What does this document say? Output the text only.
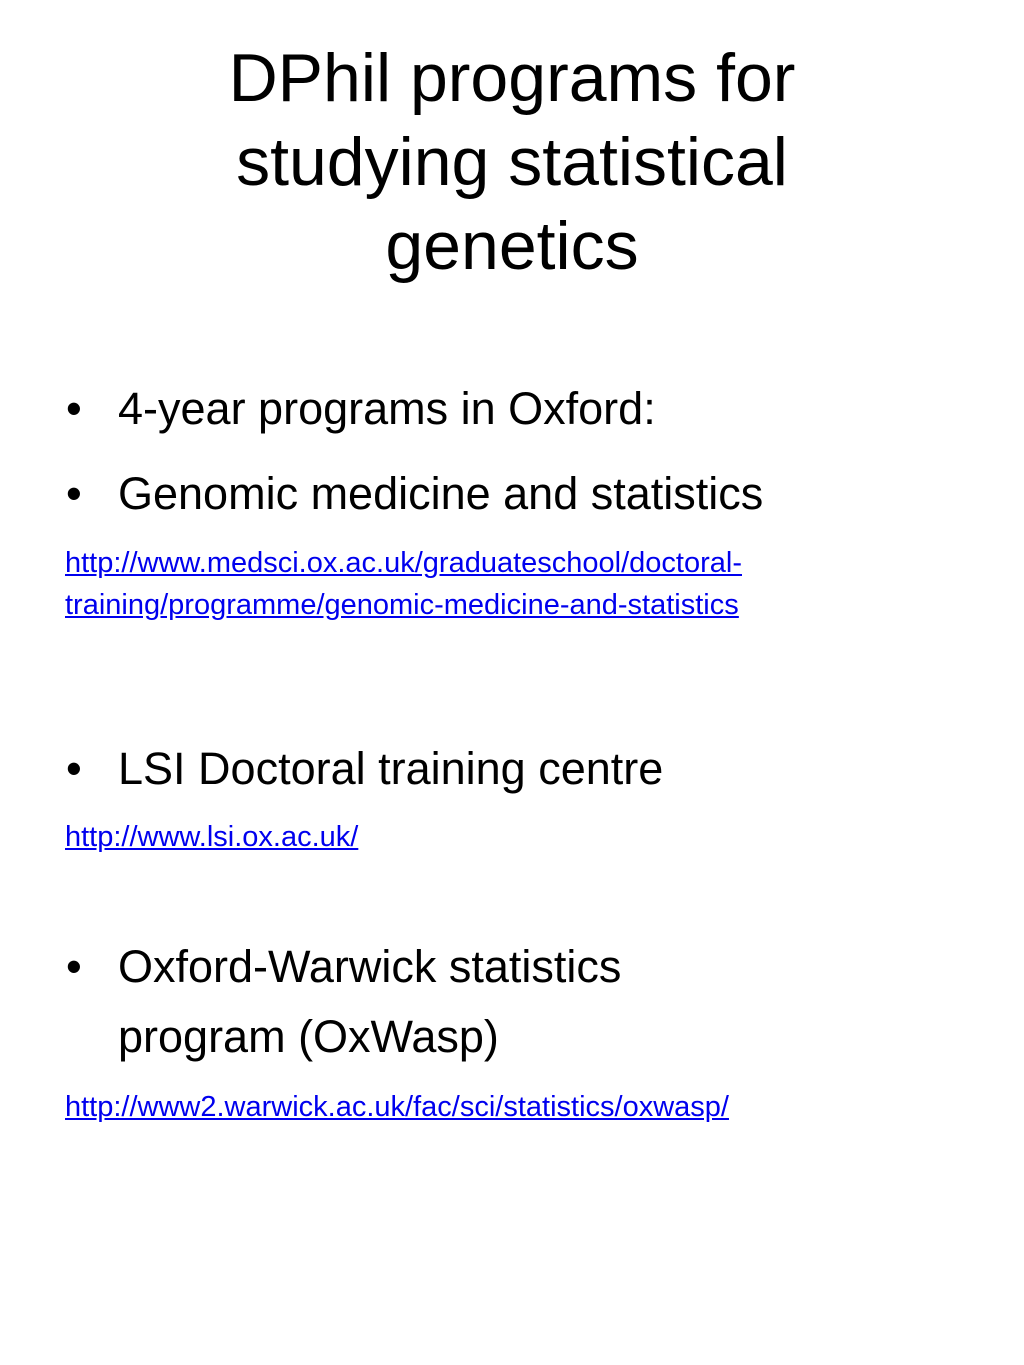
DPhil programs for
studying statistical
genetics
• 4-year programs in Oxford:
• Genomic medicine and statistics
http://www.medsci.ox.ac.uk/graduateschool/doctoral-
training/programme/genomic-medicine-and-statistics
• LSI Doctoral training centre
http://www.lsi.ox.ac.uk/
• Oxford-Warwick statistics
program (OxWasp)
http://www2.warwick.ac.uk/fac/sci/statistics/oxwasp/
